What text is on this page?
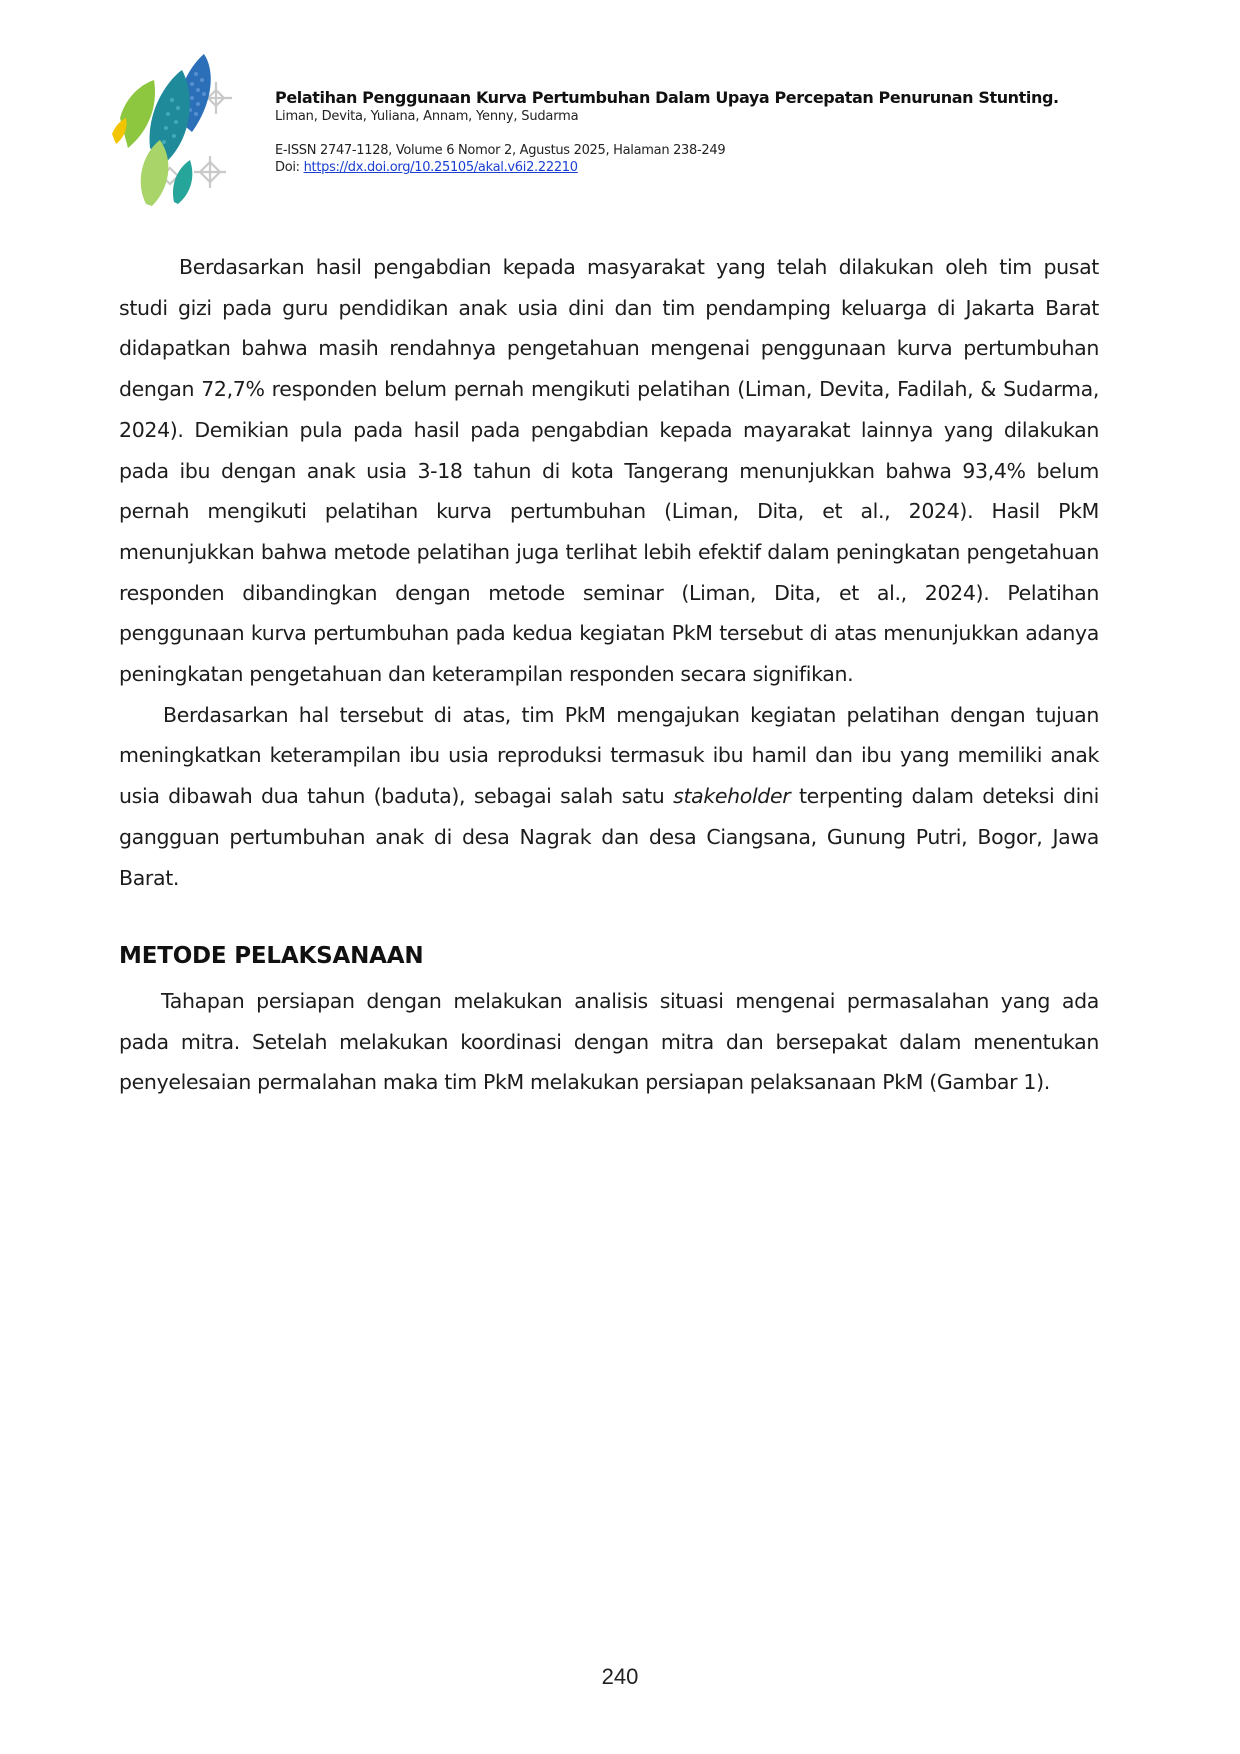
Pelatihan Penggunaan Kurva Pertumbuhan Dalam Upaya Percepatan Penurunan Stunting.
Liman, Devita, Yuliana, Annam, Yenny, Sudarma
E-ISSN 2747-1128, Volume 6 Nomor 2, Agustus 2025, Halaman 238-249
Doi: https://dx.doi.org/10.25105/akal.v6i2.22210

Berdasarkan hasil pengabdian kepada masyarakat yang telah dilakukan oleh tim pusat studi gizi pada guru pendidikan anak usia dini dan tim pendamping keluarga di Jakarta Barat didapatkan bahwa masih rendahnya pengetahuan mengenai penggunaan kurva pertumbuhan dengan 72,7% responden belum pernah mengikuti pelatihan (Liman, Devita, Fadilah, & Sudarma, 2024). Demikian pula pada hasil pada pengabdian kepada mayarakat lainnya yang dilakukan pada ibu dengan anak usia 3-18 tahun di kota Tangerang menunjukkan bahwa 93,4% belum pernah mengikuti pelatihan kurva pertumbuhan (Liman, Dita, et al., 2024). Hasil PkM menunjukkan bahwa metode pelatihan juga terlihat lebih efektif dalam peningkatan pengetahuan responden dibandingkan dengan metode seminar (Liman, Dita, et al., 2024). Pelatihan penggunaan kurva pertumbuhan pada kedua kegiatan PkM tersebut di atas menunjukkan adanya peningkatan pengetahuan dan keterampilan responden secara signifikan.

Berdasarkan hal tersebut di atas, tim PkM mengajukan kegiatan pelatihan dengan tujuan meningkatkan keterampilan ibu usia reproduksi termasuk ibu hamil dan ibu yang memiliki anak usia dibawah dua tahun (baduta), sebagai salah satu stakeholder terpenting dalam deteksi dini gangguan pertumbuhan anak di desa Nagrak dan desa Ciangsana, Gunung Putri, Bogor, Jawa Barat.

METODE PELAKSANAAN

Tahapan persiapan dengan melakukan analisis situasi mengenai permasalahan yang ada pada mitra. Setelah melakukan koordinasi dengan mitra dan bersepakat dalam menentukan penyelesaian permalahan maka tim PkM melakukan persiapan pelaksanaan PkM (Gambar 1).

240
